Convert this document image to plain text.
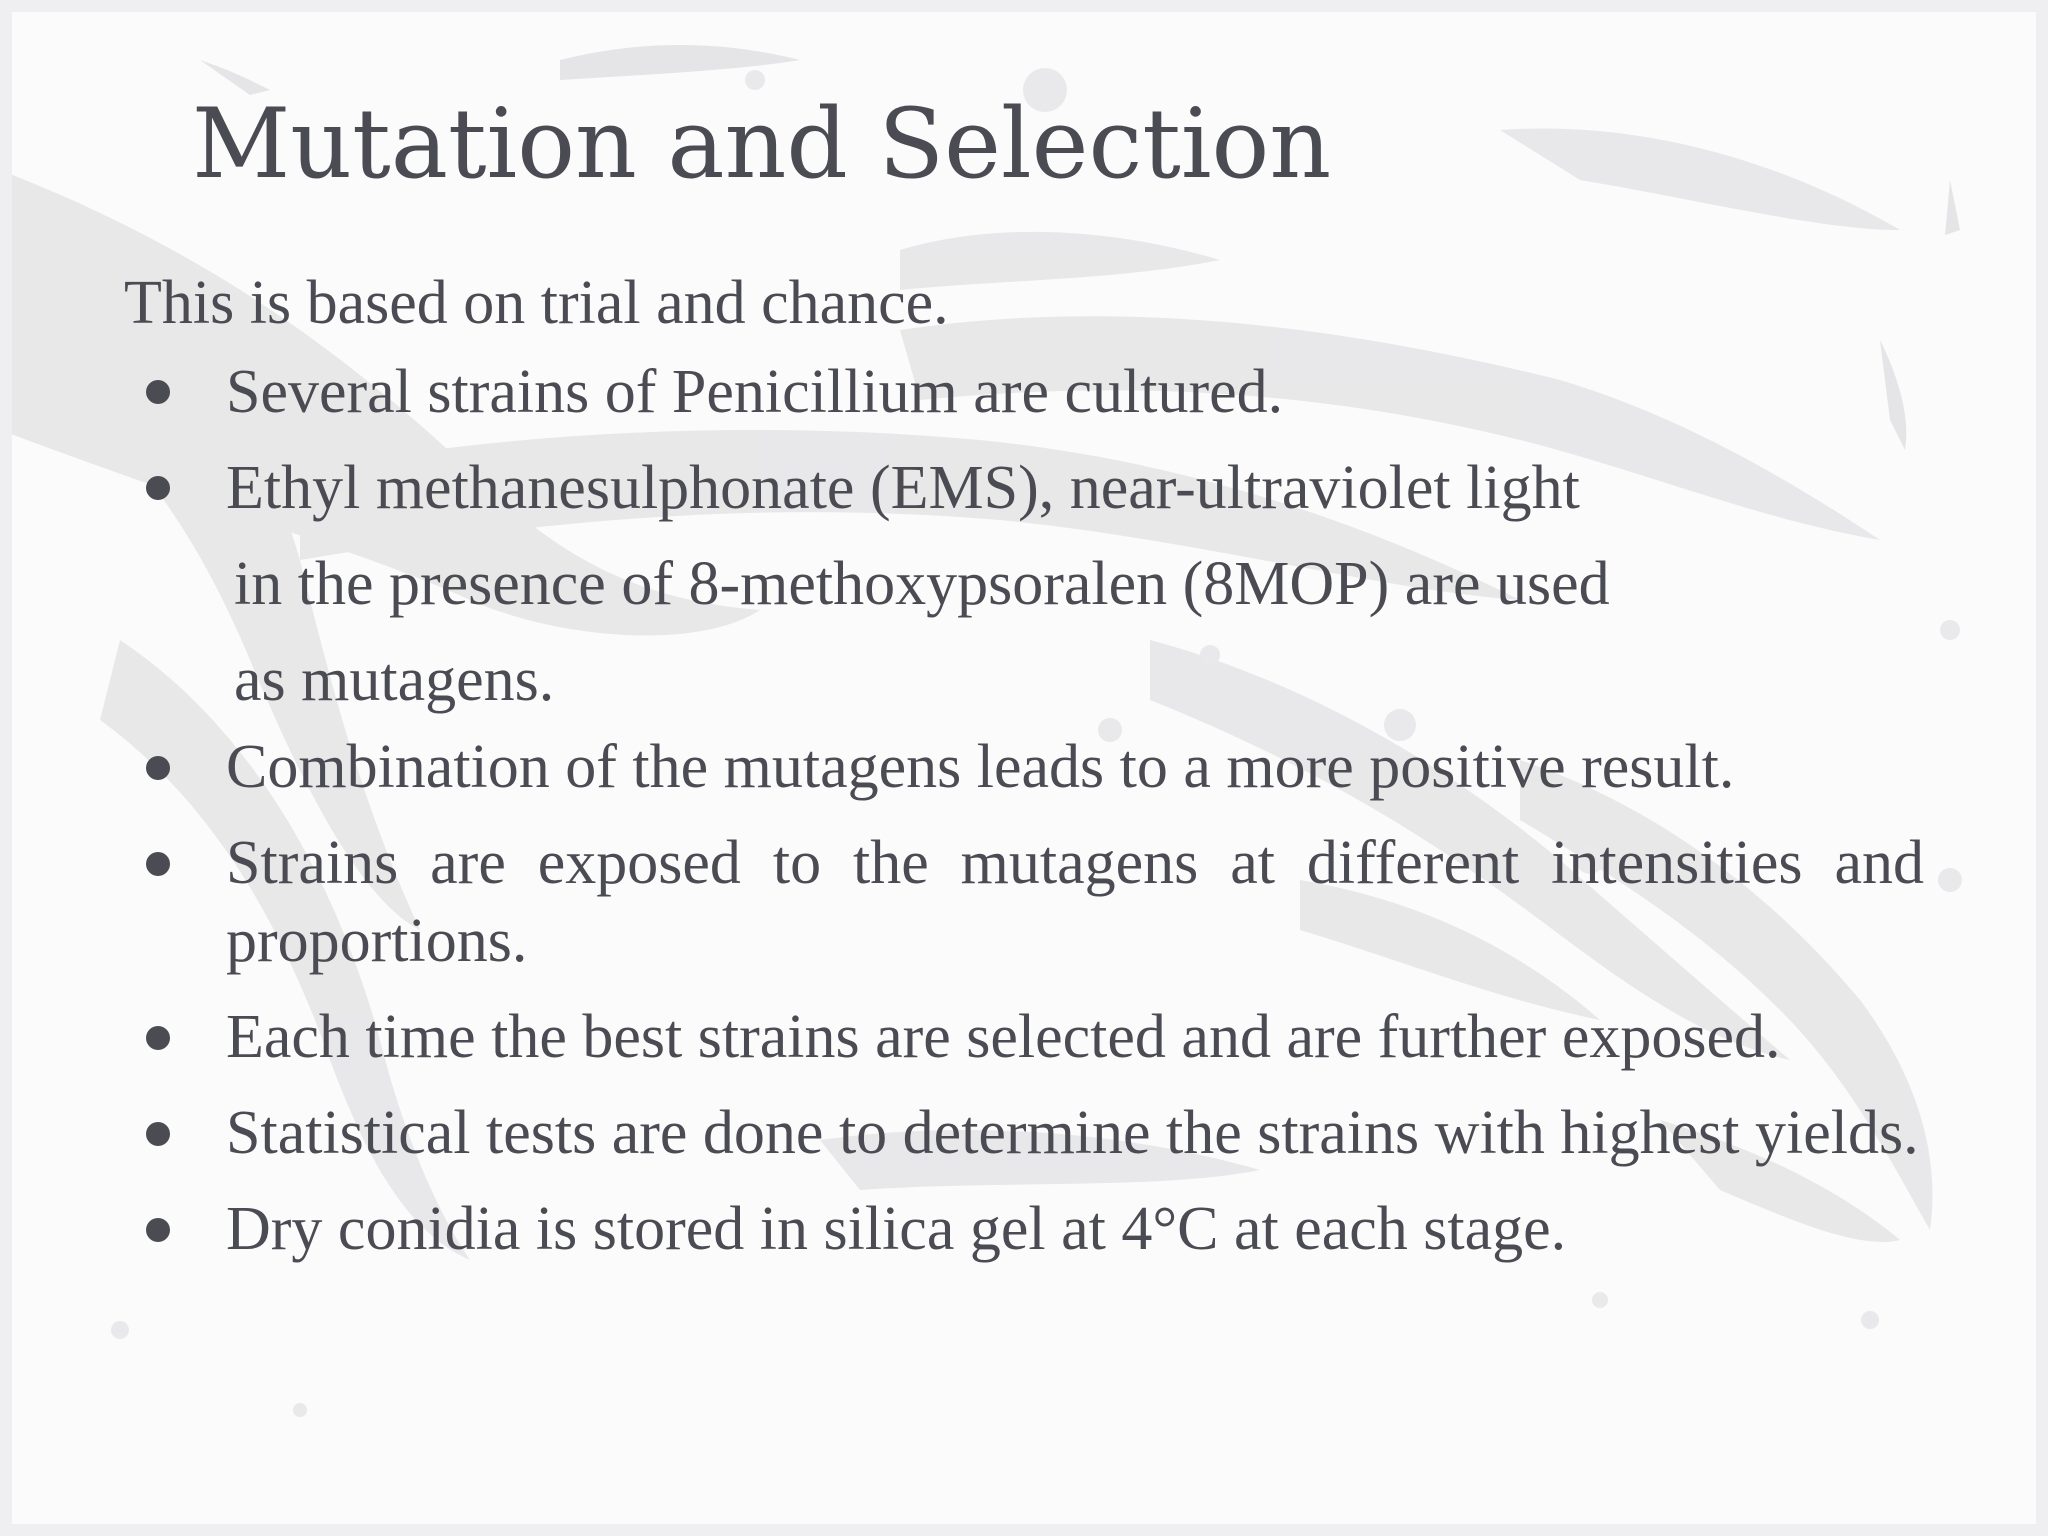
Mutation and Selection

This is based on trial and chance.

Several strains of Penicillium are cultured.
Ethyl methanesulphonate (EMS), near-ultraviolet light
in the presence of 8-methoxypsoralen (8MOP) are used
as mutagens.
Combination of the mutagens leads to a more positive result.
Strains are exposed to the mutagens at different intensities and proportions.
Each time the best strains are selected and are further exposed.
Statistical tests are done to determine the strains with highest yields.
Dry conidia is stored in silica gel at 4°C at each stage.
